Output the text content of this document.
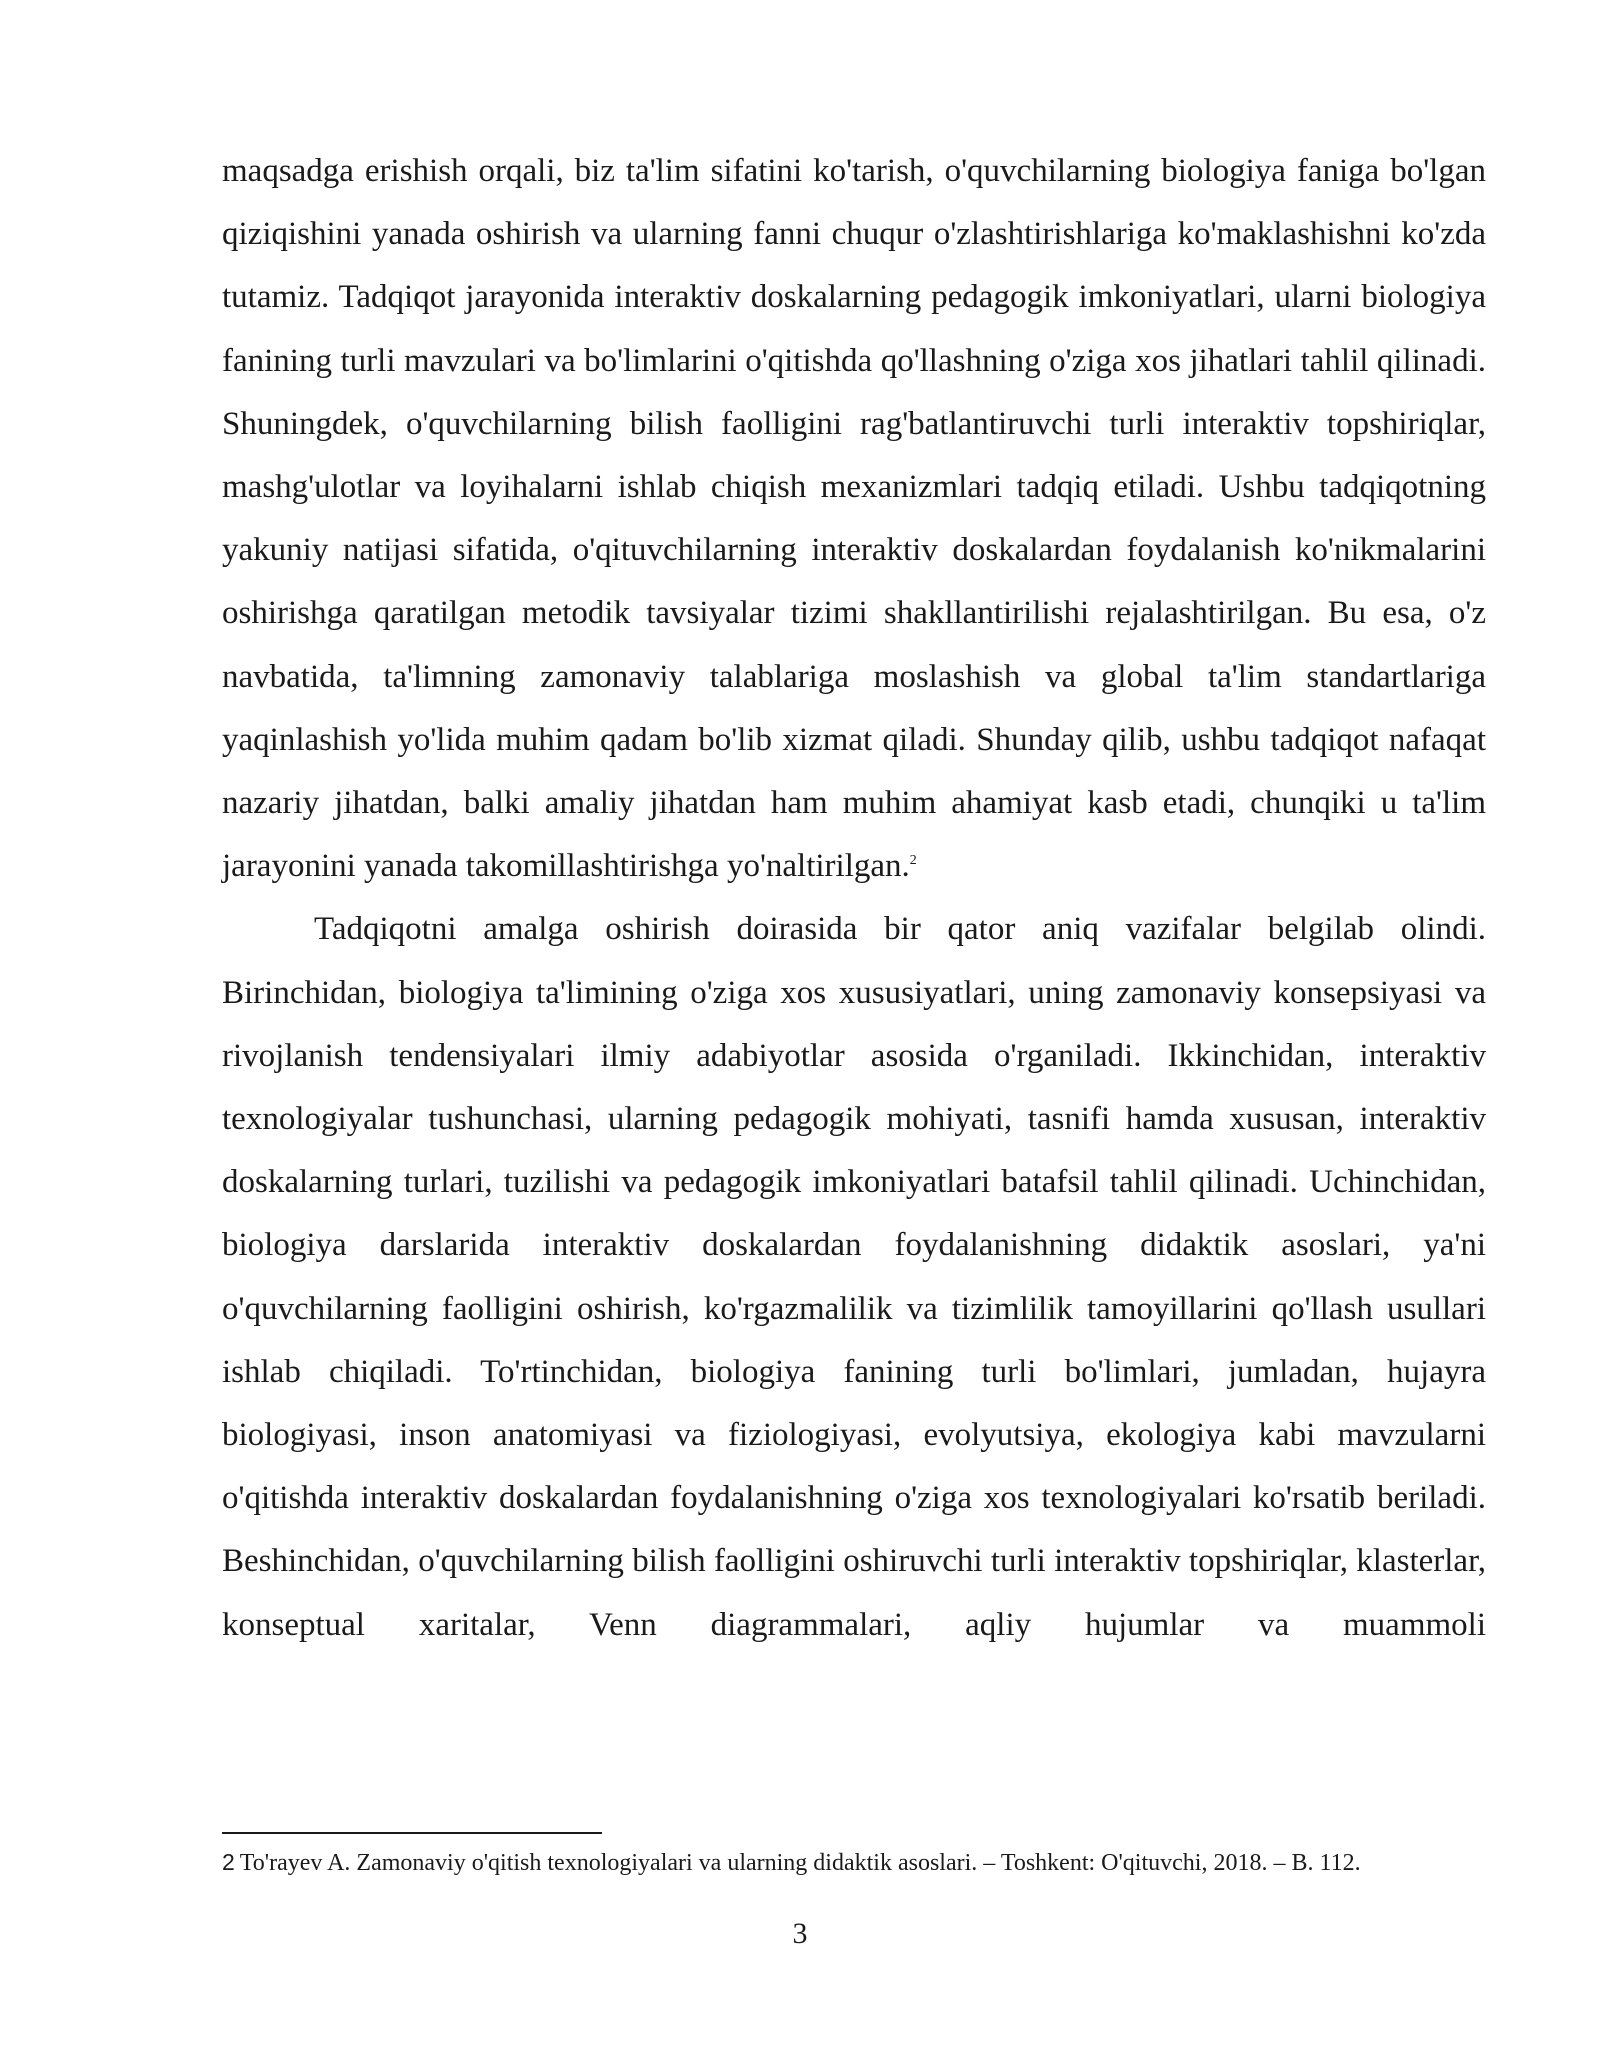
maqsadga erishish orqali, biz ta'lim sifatini ko'tarish, o'quvchilarning biologiya faniga bo'lgan qiziqishini yanada oshirish va ularning fanni chuqur o'zlashtirishlariga ko'maklashishni ko'zda tutamiz. Tadqiqot jarayonida interaktiv doskalarning pedagogik imkoniyatlari, ularni biologiya fanining turli mavzulari va bo'limlarini o'qitishda qo'llashning o'ziga xos jihatlari tahlil qilinadi. Shuningdek, o'quvchilarning bilish faolligini rag'batlantiruvchi turli interaktiv topshiriqlar, mashg'ulotlar va loyihalarni ishlab chiqish mexanizmlari tadqiq etiladi. Ushbu tadqiqotning yakuniy natijasi sifatida, o'qituvchilarning interaktiv doskalardan foydalanish ko'nikmalarini oshirishga qaratilgan metodik tavsiyalar tizimi shakllantirilishi rejalashtirilgan. Bu esa, o'z navbatida, ta'limning zamonaviy talablariga moslashish va global ta'lim standartlariga yaqinlashish yo'lida muhim qadam bo'lib xizmat qiladi. Shunday qilib, ushbu tadqiqot nafaqat nazariy jihatdan, balki amaliy jihatdan ham muhim ahamiyat kasb etadi, chunqiki u ta'lim jarayonini yanada takomillashtirishga yo'naltirilgan.$^2$

Tadqiqotni amalga oshirish doirasida bir qator aniq vazifalar belgilab olindi. Birinchidan, biologiya ta'limining o'ziga xos xususiyatlari, uning zamonaviy konsepsiyasi va rivojlanish tendensiyalari ilmiy adabiyotlar asosida o'rganiladi. Ikkinchidan, interaktiv texnologiyalar tushunchasi, ularning pedagogik mohiyati, tasnifi hamda xususan, interaktiv doskalarning turlari, tuzilishi va pedagogik imkoniyatlari batafsil tahlil qilinadi. Uchinchidan, biologiya darslarida interaktiv doskalardan foydalanishning didaktik asoslari, ya'ni o'quvchilarning faolligini oshirish, ko'rgazmalilik va tizimlilik tamoyillarini qo'llash usullari ishlab chiqiladi. To'rtinchidan, biologiya fanining turli bo'limlari, jumladan, hujayra biologiyasi, inson anatomiyasi va fiziologiyasi, evolyutsiya, ekologiya kabi mavzularni o'qitishda interaktiv doskalardan foydalanishning o'ziga xos texnologiyalari ko'rsatib beriladi. Beshinchidan, o'quvchilarning bilish faolligini oshiruvchi turli interaktiv topshiriqlar, klasterlar, konseptual xaritalar, Venn diagrammalari, aqliy hujumlar va muammoli

2 To'rayev A. Zamonaviy o'qitish texnologiyalari va ularning didaktik asoslari. – Toshkent: O'qituvchi, 2018. – B. 112.

3
